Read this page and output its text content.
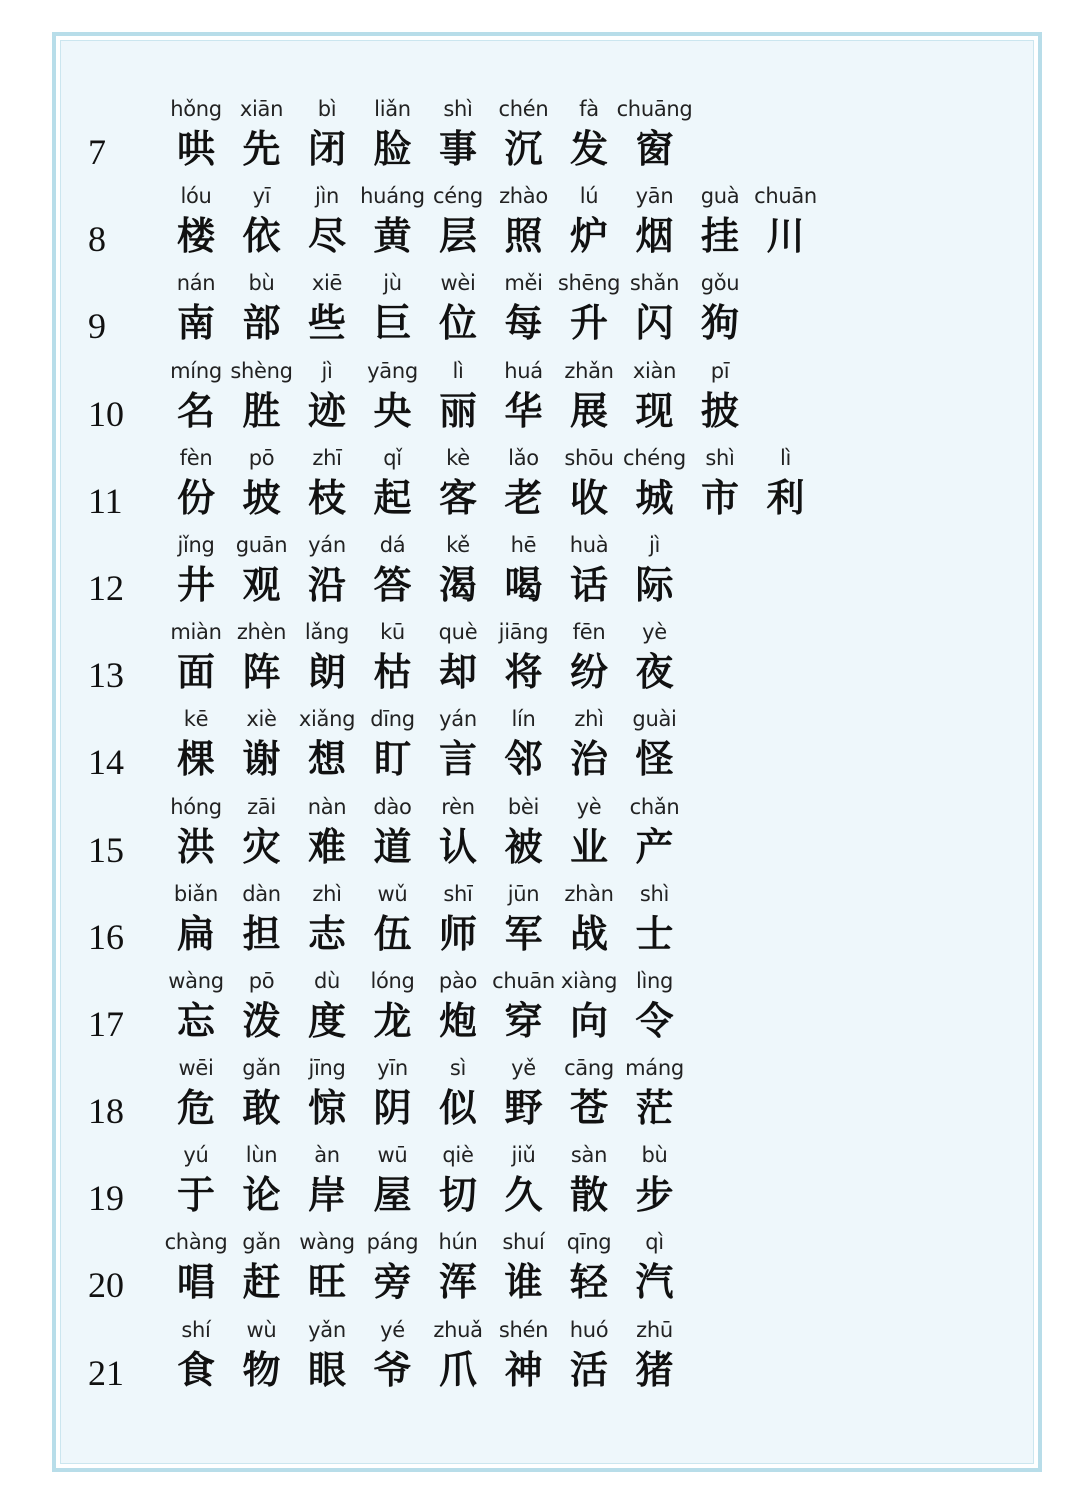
7
hǒng
哄
xiān
先
bì
闭
liǎn
脸
shì
事
chén
沉
fà
发
chuāng
窗
8
lóu
楼
yī
依
jìn
尽
huáng
黄
céng
层
zhào
照
lú
炉
yān
烟
guà
挂
chuān
川
9
nán
南
bù
部
xiē
些
jù
巨
wèi
位
měi
每
shēng
升
shǎn
闪
gǒu
狗
10
míng
名
shèng
胜
jì
迹
yāng
央
lì
丽
huá
华
zhǎn
展
xiàn
现
pī
披
11
fèn
份
pō
坡
zhī
枝
qǐ
起
kè
客
lǎo
老
shōu
收
chéng
城
shì
市
lì
利
12
jǐng
井
guān
观
yán
沿
dá
答
kě
渴
hē
喝
huà
话
jì
际
13
miàn
面
zhèn
阵
lǎng
朗
kū
枯
què
却
jiāng
将
fēn
纷
yè
夜
14
kē
棵
xiè
谢
xiǎng
想
dīng
盯
yán
言
lín
邻
zhì
治
guài
怪
15
hóng
洪
zāi
灾
nàn
难
dào
道
rèn
认
bèi
被
yè
业
chǎn
产
16
biǎn
扁
dàn
担
zhì
志
wǔ
伍
shī
师
jūn
军
zhàn
战
shì
士
17
wàng
忘
pō
泼
dù
度
lóng
龙
pào
炮
chuān
穿
xiàng
向
lìng
令
18
wēi
危
gǎn
敢
jīng
惊
yīn
阴
sì
似
yě
野
cāng
苍
máng
茫
19
yú
于
lùn
论
àn
岸
wū
屋
qiè
切
jiǔ
久
sàn
散
bù
步
20
chàng
唱
gǎn
赶
wàng
旺
páng
旁
hún
浑
shuí
谁
qīng
轻
qì
汽
21
shí
食
wù
物
yǎn
眼
yé
爷
zhuǎ
爪
shén
神
huó
活
zhū
猪
